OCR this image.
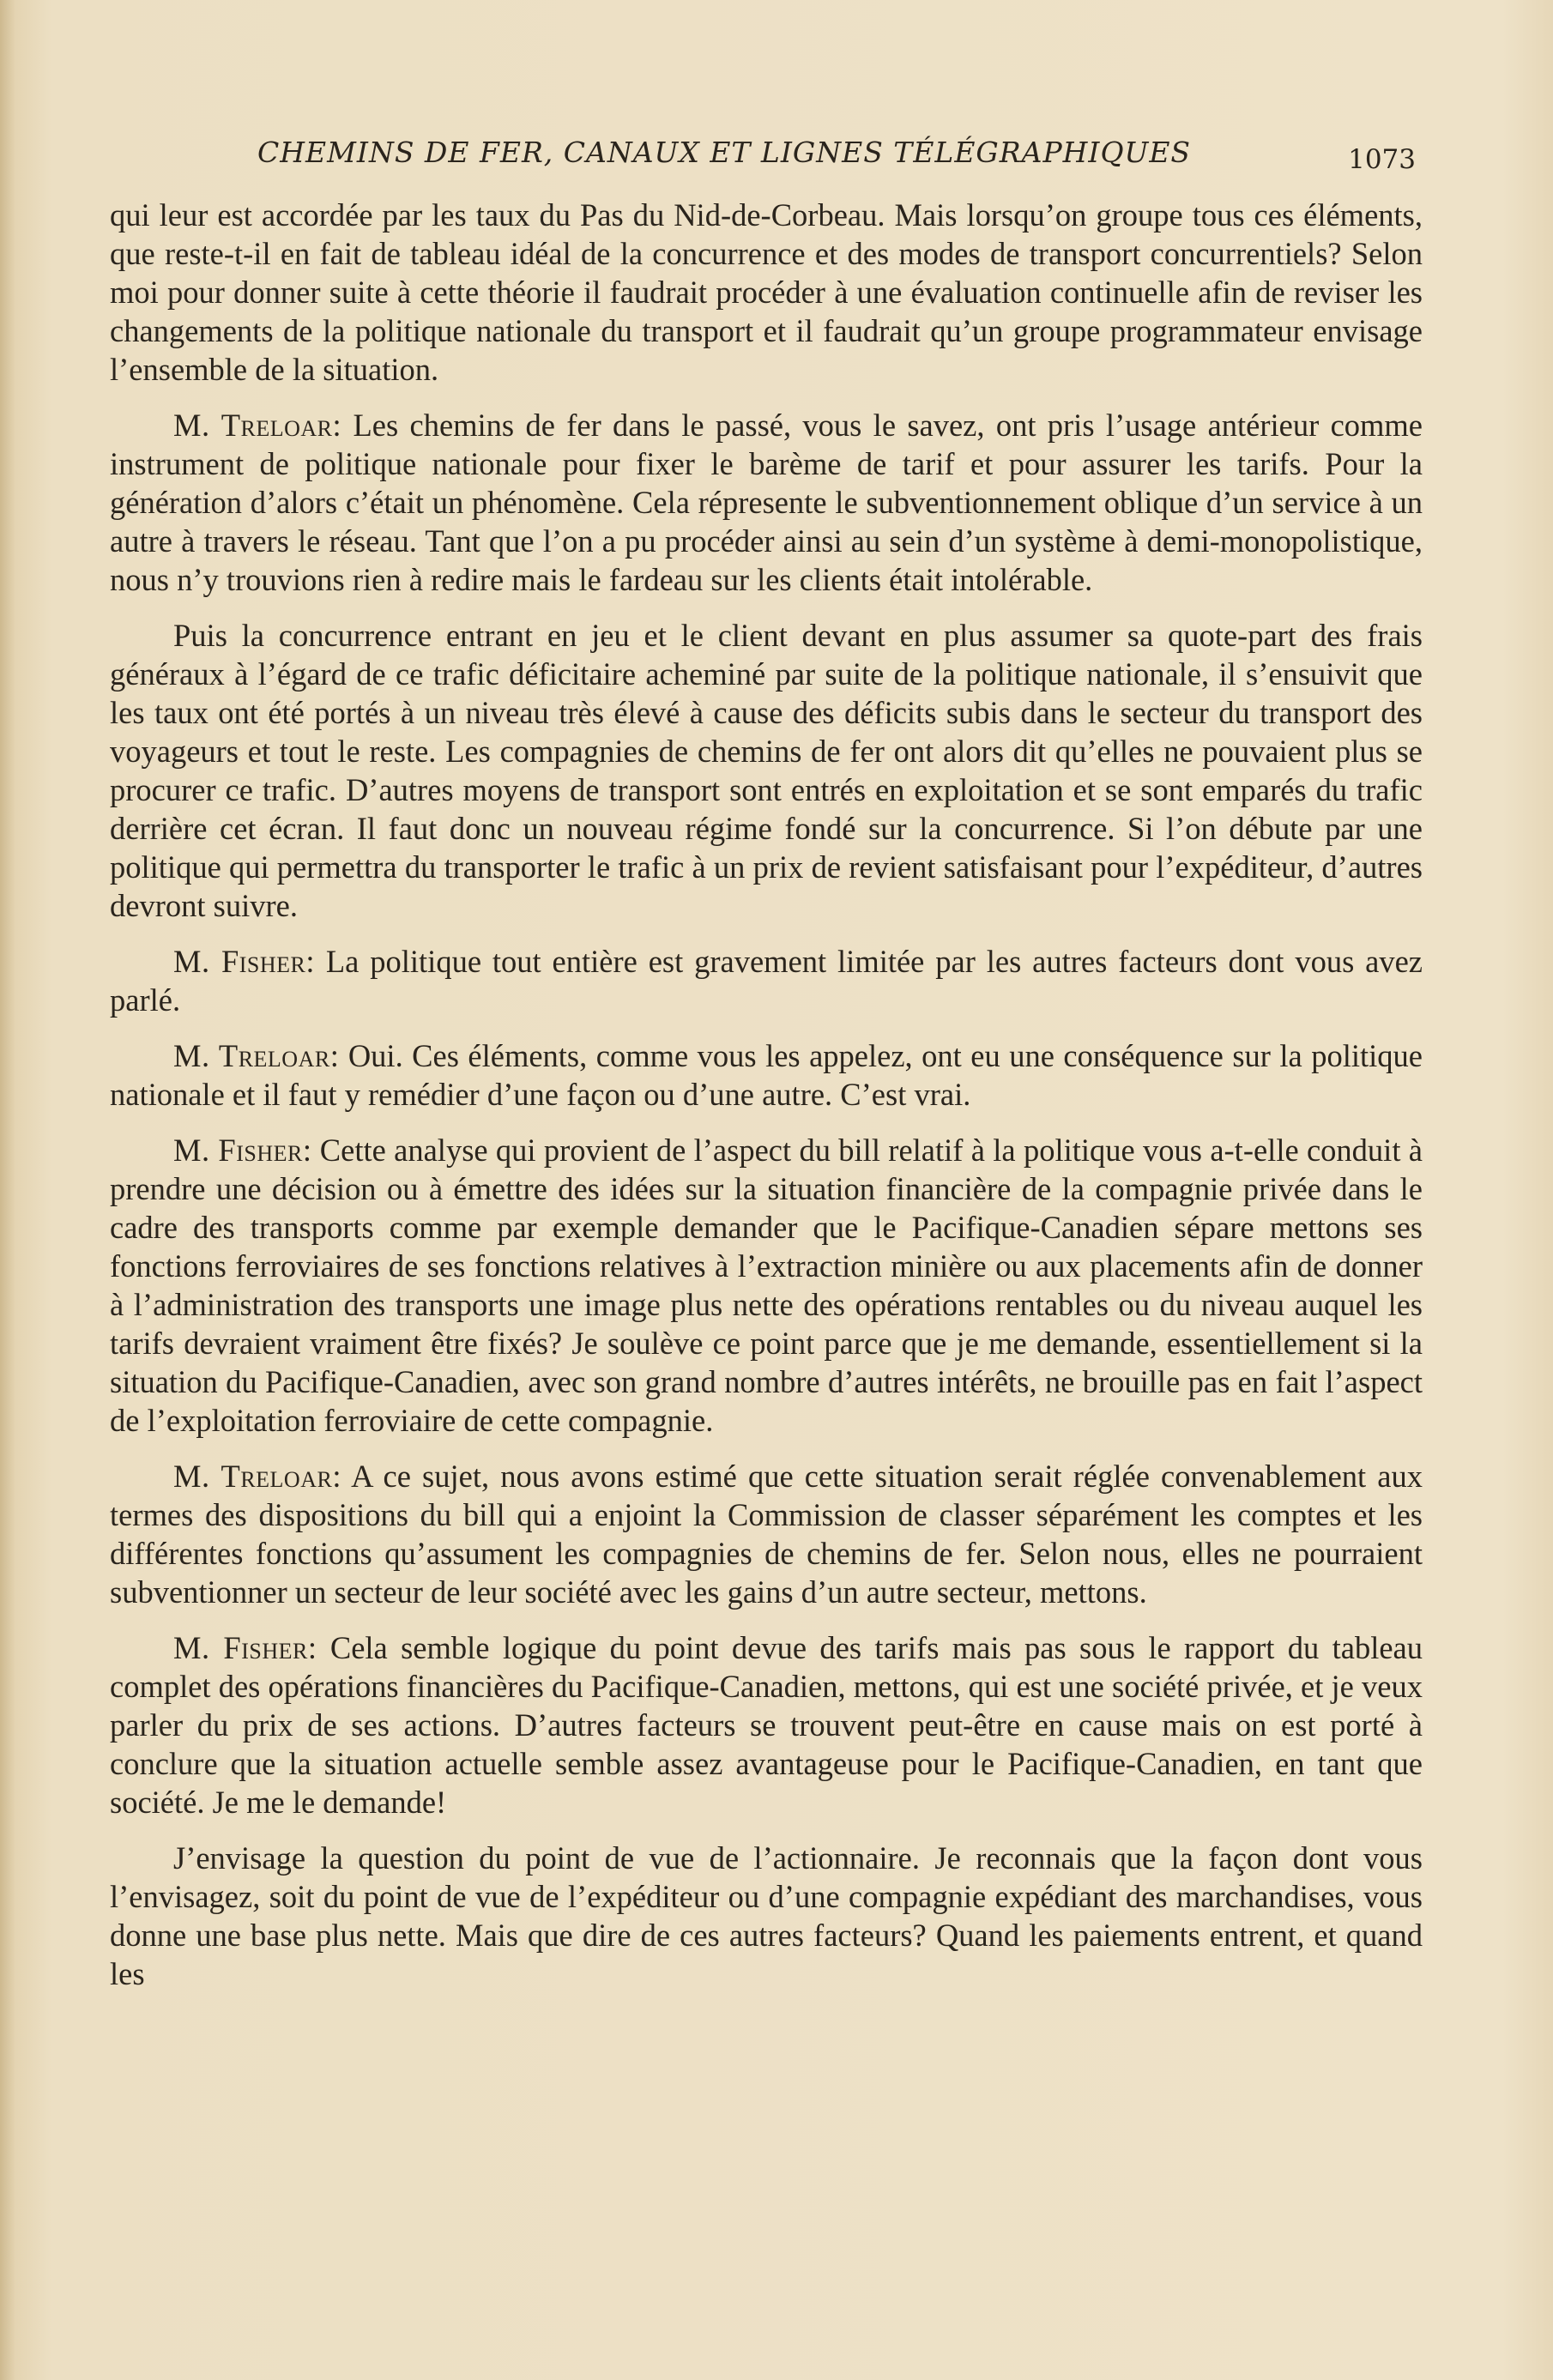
CHEMINS DE FER, CANAUX ET LIGNES TÉLÉGRAPHIQUES	1073

qui leur est accordée par les taux du Pas du Nid-de-Corbeau. Mais lorsqu’on groupe tous ces éléments, que reste-t-il en fait de tableau idéal de la concurrence et des modes de transport concurrentiels? Selon moi pour donner suite à cette théorie il faudrait procéder à une évaluation continuelle afin de reviser les changements de la politique nationale du transport et il faudrait qu’un groupe programmateur envisage l’ensemble de la situation.

M. Treloar: Les chemins de fer dans le passé, vous le savez, ont pris l’usage antérieur comme instrument de politique nationale pour fixer le barème de tarif et pour assurer les tarifs. Pour la génération d’alors c’était un phénomène. Cela répresente le subventionnement oblique d’un service à un autre à travers le réseau. Tant que l’on a pu procéder ainsi au sein d’un système à demi-monopolistique, nous n’y trouvions rien à redire mais le fardeau sur les clients était intolérable.

Puis la concurrence entrant en jeu et le client devant en plus assumer sa quote-part des frais généraux à l’égard de ce trafic déficitaire acheminé par suite de la politique nationale, il s’ensuivit que les taux ont été portés à un niveau très élevé à cause des déficits subis dans le secteur du transport des voyageurs et tout le reste. Les compagnies de chemins de fer ont alors dit qu’elles ne pouvaient plus se procurer ce trafic. D’autres moyens de transport sont entrés en exploitation et se sont emparés du trafic derrière cet écran. Il faut donc un nouveau régime fondé sur la concurrence. Si l’on débute par une politique qui permettra du transporter le trafic à un prix de revient satisfaisant pour l’expéditeur, d’autres devront suivre.

M. Fisher: La politique tout entière est gravement limitée par les autres facteurs dont vous avez parlé.

M. Treloar: Oui. Ces éléments, comme vous les appelez, ont eu une conséquence sur la politique nationale et il faut y remédier d’une façon ou d’une autre. C’est vrai.

M. Fisher: Cette analyse qui provient de l’aspect du bill relatif à la politique vous a-t-elle conduit à prendre une décision ou à émettre des idées sur la situation financière de la compagnie privée dans le cadre des transports comme par exemple demander que le Pacifique-Canadien sépare mettons ses fonctions ferroviaires de ses fonctions relatives à l’extraction minière ou aux placements afin de donner à l’administration des transports une image plus nette des opérations rentables ou du niveau auquel les tarifs devraient vraiment être fixés? Je soulève ce point parce que je me demande, essentiellement si la situation du Pacifique-Canadien, avec son grand nombre d’autres intérêts, ne brouille pas en fait l’aspect de l’exploitation ferroviaire de cette compagnie.

M. Treloar: A ce sujet, nous avons estimé que cette situation serait réglée convenablement aux termes des dispositions du bill qui a enjoint la Commission de classer séparément les comptes et les différentes fonctions qu’assument les compagnies de chemins de fer. Selon nous, elles ne pourraient subventionner un secteur de leur société avec les gains d’un autre secteur, mettons.

M. Fisher: Cela semble logique du point devue des tarifs mais pas sous le rapport du tableau complet des opérations financières du Pacifique-Canadien, mettons, qui est une société privée, et je veux parler du prix de ses actions. D’autres facteurs se trouvent peut-être en cause mais on est porté à conclure que la situation actuelle semble assez avantageuse pour le Pacifique-Canadien, en tant que société. Je me le demande!

J’envisage la question du point de vue de l’actionnaire. Je reconnais que la façon dont vous l’envisagez, soit du point de vue de l’expéditeur ou d’une compagnie expédiant des marchandises, vous donne une base plus nette. Mais que dire de ces autres facteurs? Quand les paiements entrent, et quand les
